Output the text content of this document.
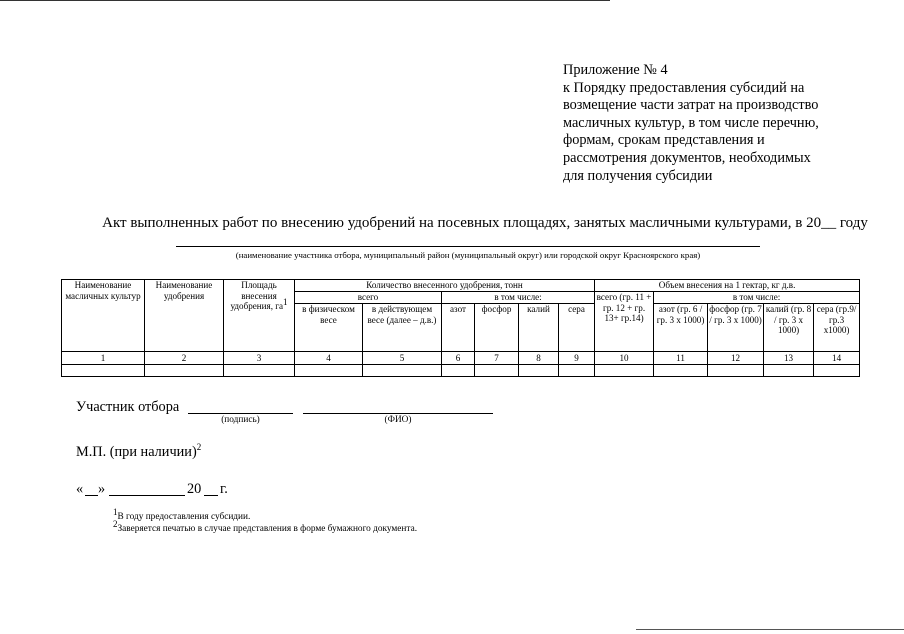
Приложение № 4
к Порядку предоставления субсидий на
возмещение части затрат на производство
масличных культур, в том числе перечню,
формам, срокам представления и
рассмотрения документов, необходимых
для получения субсидии
Акт выполненных работ по внесению удобрений на посевных площадях, занятых масличными культурами, в 20__ году
(наименование участника отбора, муниципальный район (муниципальный округ) или городской округ Красноярского края)
Наименование масличных культур	Наименование удобрения	Площадь внесения удобрения, га1	Количество внесенного удобрения, тонн						Объем внесения на 1 гектар, кг д.в.				
			всего		в том числе:				всего (гр. 11 + гр. 12 + гр. 13+ гр.14)	в том числе:			
			в физическом весе	в действующем весе (далее – д.в.)	азот	фосфор	калий	сера		азот (гр. 6 / гр. 3 x 1000)	фосфор (гр. 7 / гр. 3 x 1000)	калий (гр. 8 / гр. 3 x 1000)	сера (гр.9/гр.3 x1000)
1	2	3	4	5	6	7	8	9	10	11	12	13	14

Участник отбора
(подпись)	(ФИО)
М.П. (при наличии)$^2$
« »	20 г.
1В году предоставления субсидии.
2Заверяется печатью в случае представления в форме бумажного документа.
